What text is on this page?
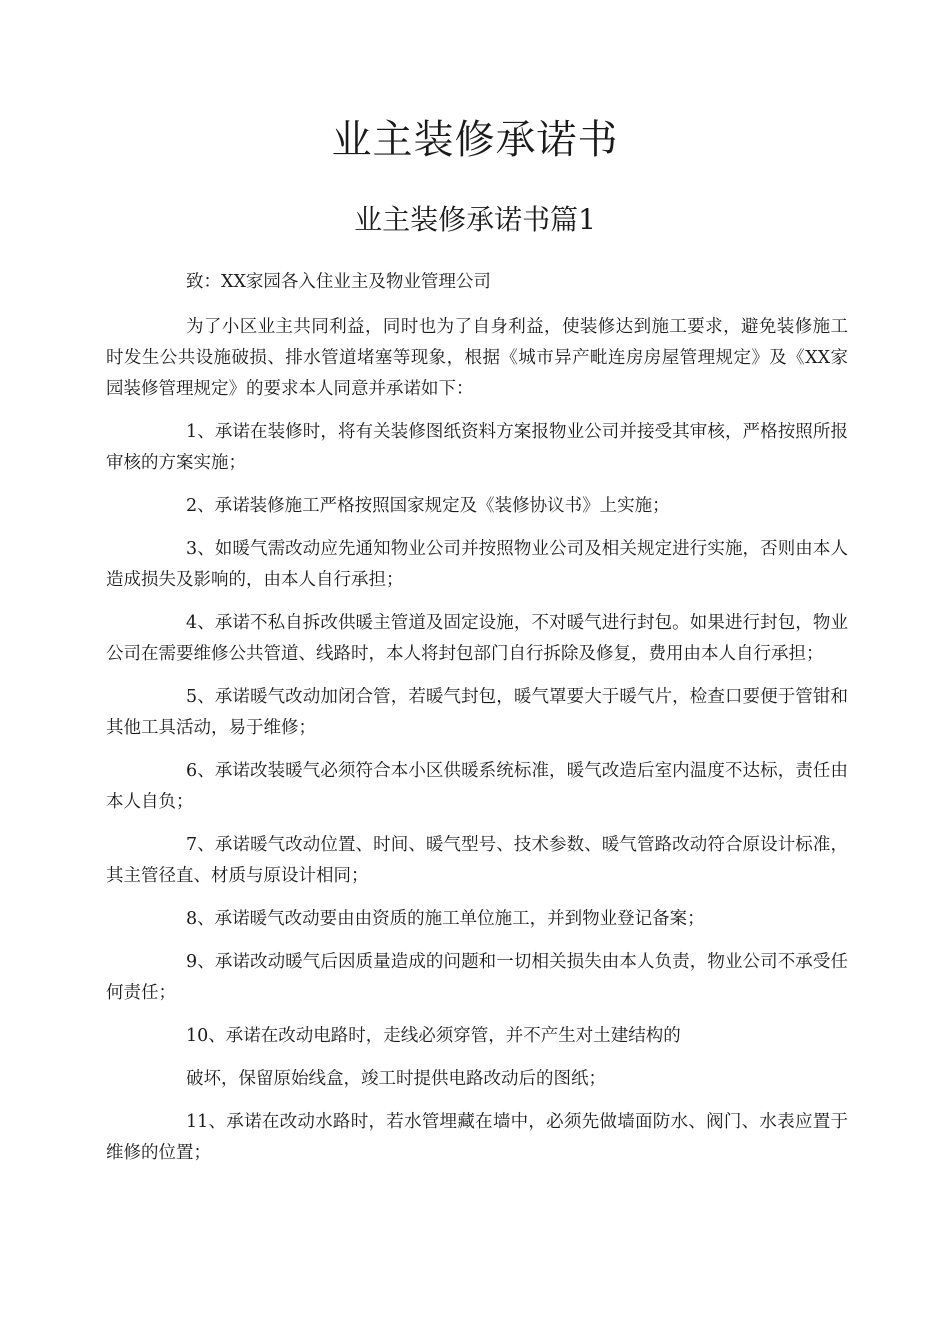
业主装修承诺书
业主装修承诺书篇1

致：XX家园各入住业主及物业管理公司

为了小区业主共同利益，同时也为了自身利益，使装修达到施工要求，避免装修施工时发生公共设施破损、排水管道堵塞等现象，根据《城市异产毗连房房屋管理规定》及《XX家园装修管理规定》的要求本人同意并承诺如下：

1、承诺在装修时，将有关装修图纸资料方案报物业公司并接受其审核，严格按照所报审核的方案实施；

2、承诺装修施工严格按照国家规定及《装修协议书》上实施；

3、如暖气需改动应先通知物业公司并按照物业公司及相关规定进行实施，否则由本人造成损失及影响的，由本人自行承担；

4、承诺不私自拆改供暖主管道及固定设施，不对暖气进行封包。如果进行封包，物业公司在需要维修公共管道、线路时，本人将封包部门自行拆除及修复，费用由本人自行承担；

5、承诺暖气改动加闭合管，若暖气封包，暖气罩要大于暖气片，检查口要便于管钳和其他工具活动，易于维修；

6、承诺改装暖气必须符合本小区供暖系统标准，暖气改造后室内温度不达标，责任由本人自负；

7、承诺暖气改动位置、时间、暖气型号、技术参数、暖气管路改动符合原设计标准，其主管径直、材质与原设计相同；

8、承诺暖气改动要由由资质的施工单位施工，并到物业登记备案；

9、承诺改动暖气后因质量造成的问题和一切相关损失由本人负责，物业公司不承受任何责任；

10、承诺在改动电路时，走线必须穿管，并不产生对土建结构的

破坏，保留原始线盒，竣工时提供电路改动后的图纸；

11、承诺在改动水路时，若水管埋藏在墙中，必须先做墙面防水、阀门、水表应置于维修的位置；
